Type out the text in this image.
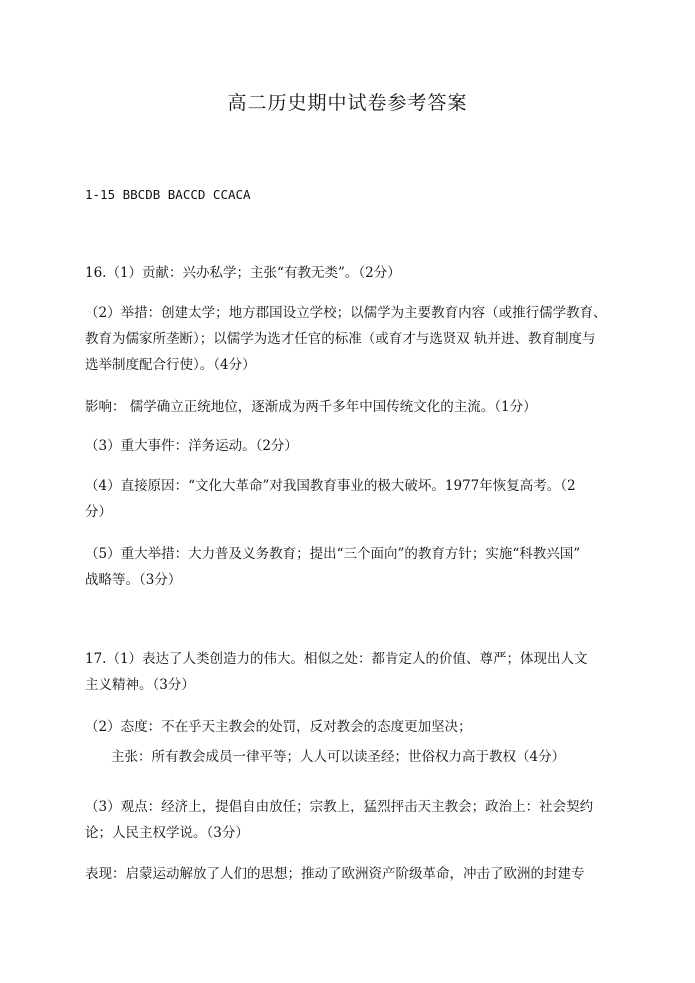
高二历史期中试卷参考答案
1-15 BBCDB BACCD CCACA
16.（1）贡献：兴办私学；主张“有教无类”。（2分）
（2）举措：创建太学；地方郡国设立学校；以儒学为主要教育内容（或推行儒学教育、
教育为儒家所垄断）；以儒学为选才任官的标准（或育才与选贤双 轨并进、教育制度与
选举制度配合行使）。（4分）
影响： 儒学确立正统地位，逐渐成为两千多年中国传统文化的主流。（1分）
（3）重大事件：洋务运动。（2分）
（4）直接原因：“文化大革命”对我国教育事业的极大破坏。1977年恢复高考。（2
分）
（5）重大举措：大力普及义务教育；提出“三个面向”的教育方针；实施“科教兴国”
战略等。（3分）
17.（1）表达了人类创造力的伟大。相似之处：都肯定人的价值、尊严；体现出人文
主义精神。（3分）
（2）态度：不在乎天主教会的处罚，反对教会的态度更加坚决；
主张：所有教会成员一律平等；人人可以读圣经；世俗权力高于教权（4分）
（3）观点：经济上，提倡自由放任；宗教上，猛烈抨击天主教会；政治上：社会契约
论；人民主权学说。（3分）
表现：启蒙运动解放了人们的思想；推动了欧洲资产阶级革命，冲击了欧洲的封建专
